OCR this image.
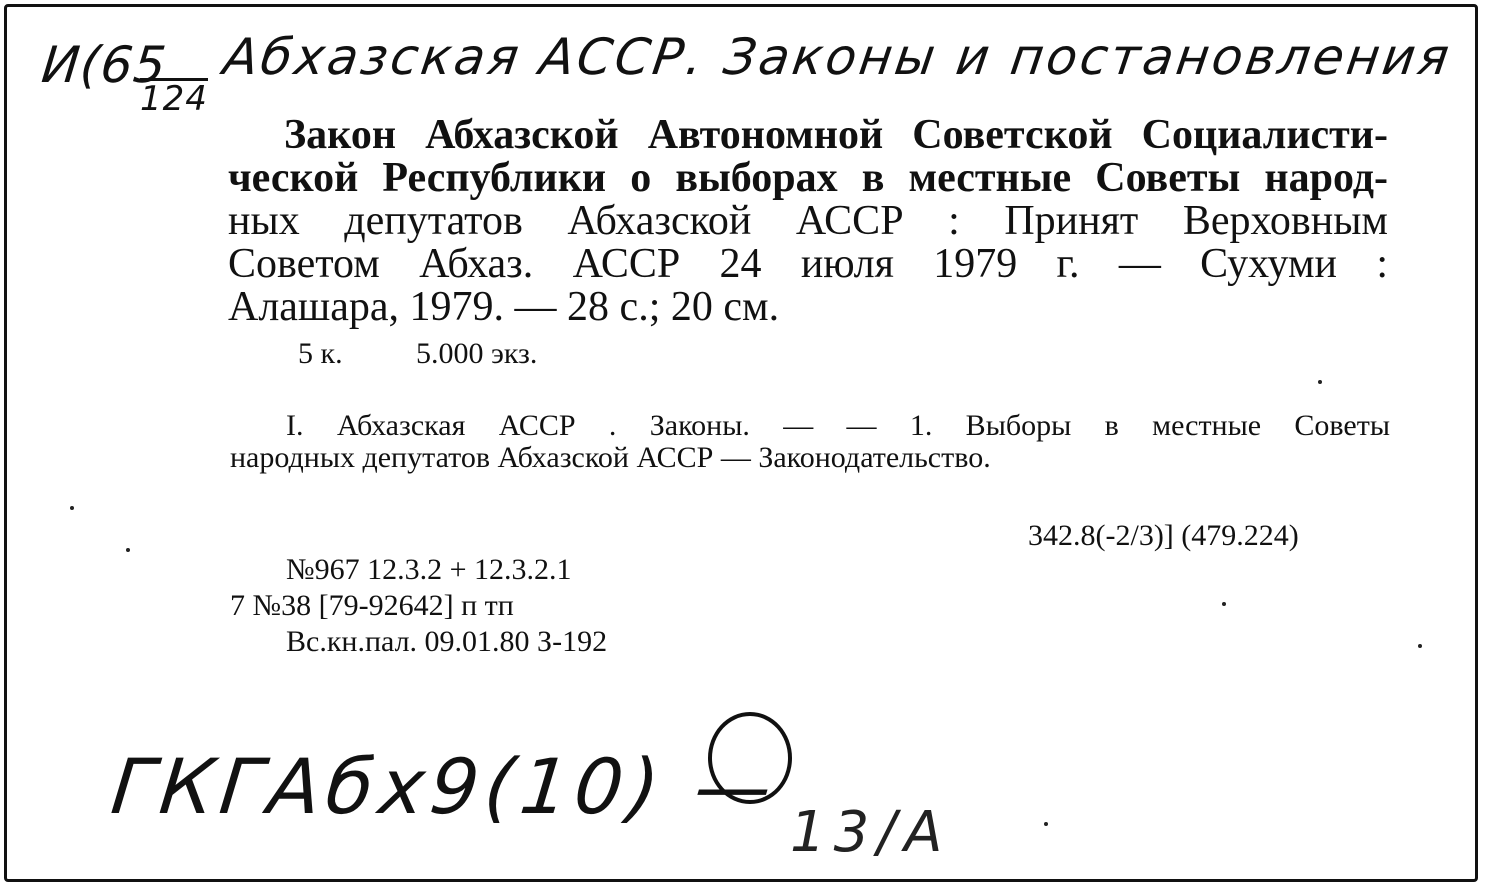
И(65
124
Абхазская АССР. Законы и постановления
Закон Абхазской Автономной Советской Социалисти-
ческой Республики о выборах в местные Советы народ-
ных депутатов Абхазской АССР : Принят Верховным
Советом Абхаз. АССР 24 июля 1979 г. — Сухуми :
Алашара, 1979. — 28 с.; 20 см.
5 к. 5.000 экз.
I. Абхазская АССР . Законы. — — 1. Выборы в местные Советы
народных депутатов Абхазской АССР — Законодательство.
342.8(-2/3)] (479.224)
№967 12.3.2 + 12.3.2.1
7 №38 [79-92642] п тп
Вс.кн.пал. 09.01.80 З-192
ГКГАбх9(10) —
13/А
